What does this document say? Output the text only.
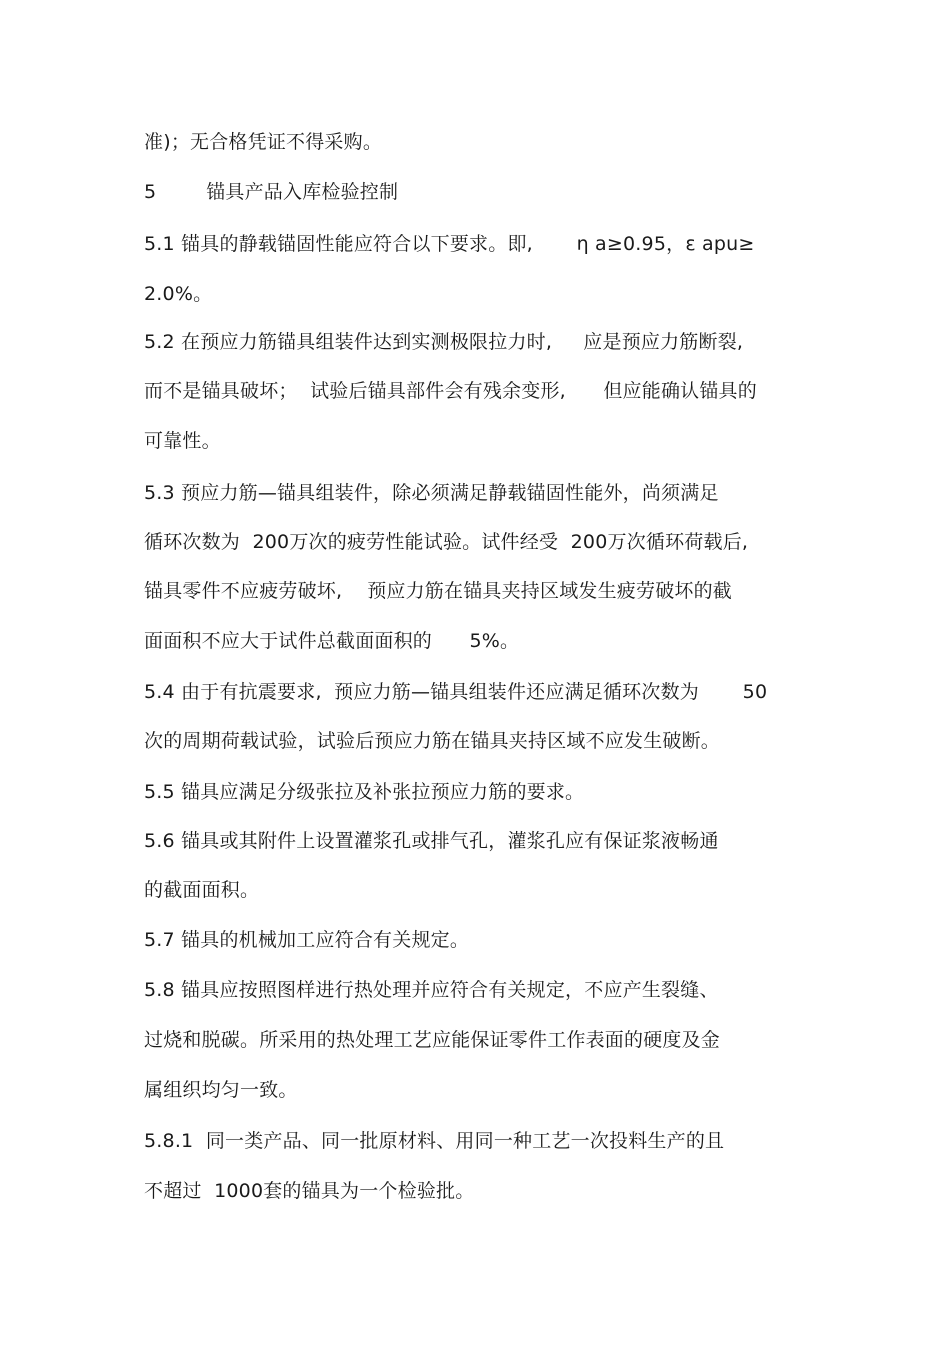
准)；无合格凭证不得采购。
5        锚具产品入库检验控制
5.1 锚具的静载锚固性能应符合以下要求。即,       η a≥0.95，ε apu≥
2.0%。
5.2 在预应力筋锚具组装件达到实测极限拉力时,     应是预应力筋断裂,
而不是锚具破坏；  试验后锚具部件会有残余变形,      但应能确认锚具的
可靠性。
5.3 预应力筋—锚具组装件，除必须满足静载锚固性能外，尚须满足
循环次数为  200万次的疲劳性能试验。试件经受  200万次循环荷载后,
锚具零件不应疲劳破坏,    预应力筋在锚具夹持区域发生疲劳破坏的截
面面积不应大于试件总截面面积的      5%。
5.4 由于有抗震要求,  预应力筋—锚具组装件还应满足循环次数为       50
次的周期荷载试验，试验后预应力筋在锚具夹持区域不应发生破断。
5.5 锚具应满足分级张拉及补张拉预应力筋的要求。
5.6 锚具或其附件上设置灌浆孔或排气孔，灌浆孔应有保证浆液畅通
的截面面积。
5.7 锚具的机械加工应符合有关规定。
5.8 锚具应按照图样进行热处理并应符合有关规定，不应产生裂缝、
过烧和脱碳。所采用的热处理工艺应能保证零件工作表面的硬度及金
属组织均匀一致。
5.8.1  同一类产品、同一批原材料、用同一种工艺一次投料生产的且
不超过  1000套的锚具为一个检验批。
